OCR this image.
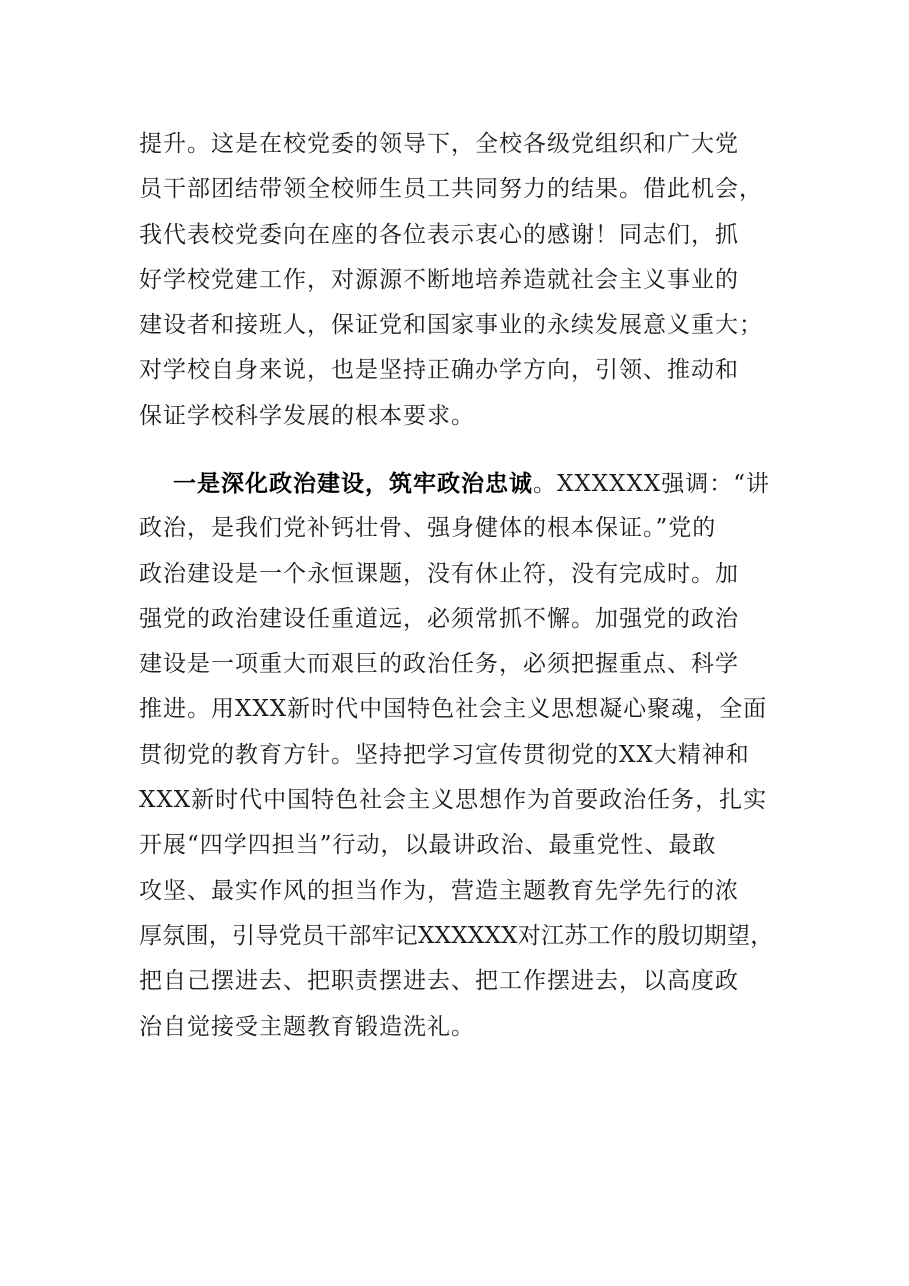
提升。这是在校党委的领导下，全校各级党组织和广大党
员干部团结带领全校师生员工共同努力的结果。借此机会，
我代表校党委向在座的各位表示衷心的感谢！同志们，抓
好学校党建工作，对源源不断地培养造就社会主义事业的
建设者和接班人，保证党和国家事业的永续发展意义重大；
对学校自身来说，也是坚持正确办学方向，引领、推动和
保证学校科学发展的根本要求。
一是深化政治建设，筑牢政治忠诚。XXXXXX强调：“讲
政治，是我们党补钙壮骨、强身健体的根本保证。”党的
政治建设是一个永恒课题，没有休止符，没有完成时。加
强党的政治建设任重道远，必须常抓不懈。加强党的政治
建设是一项重大而艰巨的政治任务，必须把握重点、科学
推进。用XXX新时代中国特色社会主义思想凝心聚魂，全面
贯彻党的教育方针。坚持把学习宣传贯彻党的XX大精神和
XXX新时代中国特色社会主义思想作为首要政治任务，扎实
开展“四学四担当”行动，以最讲政治、最重党性、最敢
攻坚、最实作风的担当作为，营造主题教育先学先行的浓
厚氛围，引导党员干部牢记XXXXXX对江苏工作的殷切期望，
把自己摆进去、把职责摆进去、把工作摆进去，以高度政
治自觉接受主题教育锻造洗礼。
